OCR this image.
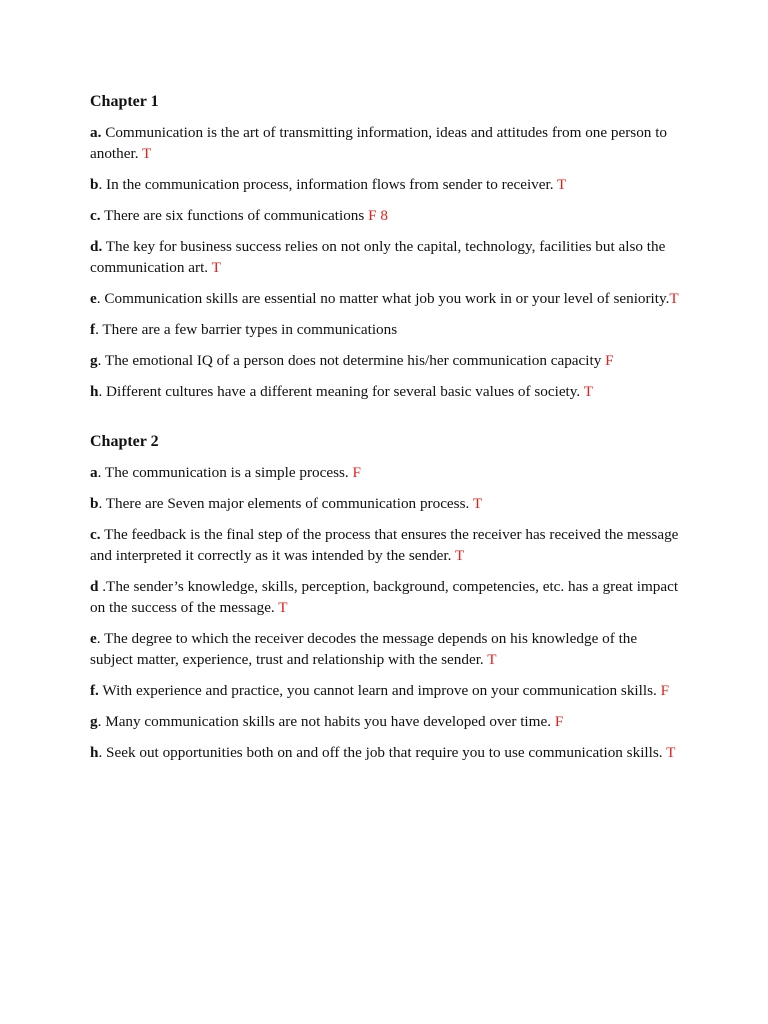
Chapter 1

a. Communication is the art of transmitting information, ideas and attitudes from one person to another. T

b. In the communication process, information flows from sender to receiver. T

c. There are six functions of communications F 8

d. The key for business success relies on not only the capital, technology, facilities but also the communication art. T

e. Communication skills are essential no matter what job you work in or your level of seniority.T

f. There are a few barrier types in communications

g. The emotional IQ of a person does not determine his/her communication capacity F

h. Different cultures have a different meaning for several basic values of society. T

Chapter 2

a. The communication is a simple process. F

b. There are Seven major elements of communication process. T

c. The feedback is the final step of the process that ensures the receiver has received the message and interpreted it correctly as it was intended by the sender. T

d .The sender’s knowledge, skills, perception, background, competencies, etc. has a great impact on the success of the message. T

e. The degree to which the receiver decodes the message depends on his knowledge of the subject matter, experience, trust and relationship with the sender. T

f. With experience and practice, you cannot learn and improve on your communication skills. F

g. Many communication skills are not habits you have developed over time. F

h. Seek out opportunities both on and off the job that require you to use communication skills. T
